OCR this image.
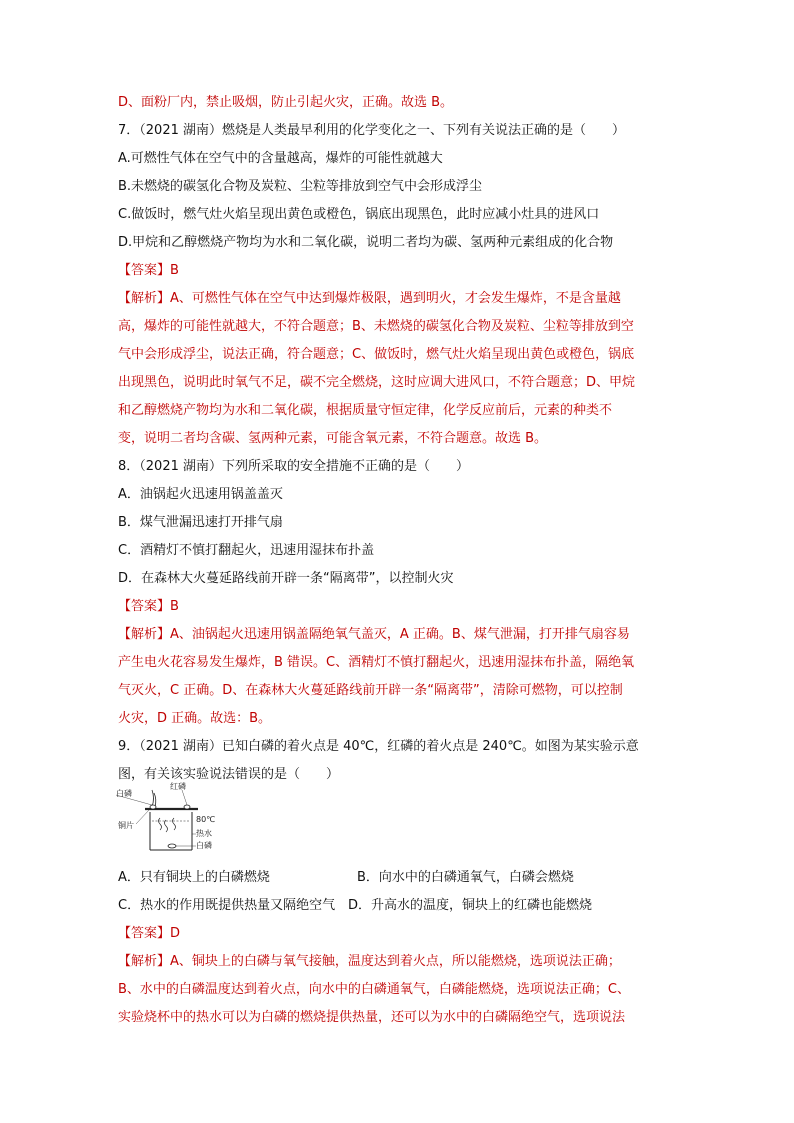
D、面粉厂内，禁止吸烟，防止引起火灾，正确。故选 B。
7．（2021 湖南）燃烧是人类最早利用的化学变化之一、下列有关说法正确的是（　　）
A.可燃性气体在空气中的含量越高，爆炸的可能性就越大
B.未燃烧的碳氢化合物及炭粒、尘粒等排放到空气中会形成浮尘
C.做饭时，燃气灶火焰呈现出黄色或橙色，锅底出现黑色，此时应减小灶具的进风口
D.甲烷和乙醇燃烧产物均为水和二氧化碳，说明二者均为碳、氢两种元素组成的化合物
【答案】B
【解析】A、可燃性气体在空气中达到爆炸极限，遇到明火，才会发生爆炸，不是含量越
高，爆炸的可能性就越大，不符合题意；B、未燃烧的碳氢化合物及炭粒、尘粒等排放到空
气中会形成浮尘，说法正确，符合题意；C、做饭时，燃气灶火焰呈现出黄色或橙色，锅底
出现黑色，说明此时氧气不足，碳不完全燃烧，这时应调大进风口，不符合题意；D、甲烷
和乙醇燃烧产物均为水和二氧化碳，根据质量守恒定律，化学反应前后，元素的种类不
变，说明二者均含碳、氢两种元素，可能含氧元素，不符合题意。故选 B。
8．（2021 湖南）下列所采取的安全措施不正确的是（　　）
A．油锅起火迅速用锅盖盖灭
B．煤气泄漏迅速打开排气扇
C．酒精灯不慎打翻起火，迅速用湿抹布扑盖
D．在森林大火蔓延路线前开辟一条“隔离带”，以控制火灾
【答案】B
【解析】A、油锅起火迅速用锅盖隔绝氧气盖灭，A 正确。B、煤气泄漏，打开排气扇容易
产生电火花容易发生爆炸，B 错误。C、酒精灯不慎打翻起火，迅速用湿抹布扑盖，隔绝氧
气灭火，C 正确。D、在森林大火蔓延路线前开辟一条“隔离带”，清除可燃物，可以控制
火灾，D 正确。故选：B。
9．（2021 湖南）已知白磷的着火点是 40℃，红磷的着火点是 240℃。如图为某实验示意
图，有关该实验说法错误的是（　　）
白磷
红磷
铜片
80℃
热水
白磷
A．只有铜块上的白磷燃烧	B．向水中的白磷通氧气，白磷会燃烧
C．热水的作用既提供热量又隔绝空气 D．升高水的温度，铜块上的红磷也能燃烧
【答案】D
【解析】A、铜块上的白磷与氧气接触，温度达到着火点，所以能燃烧，选项说法正确；
B、水中的白磷温度达到着火点，向水中的白磷通氧气，白磷能燃烧，选项说法正确；C、
实验烧杯中的热水可以为白磷的燃烧提供热量，还可以为水中的白磷隔绝空气，选项说法
